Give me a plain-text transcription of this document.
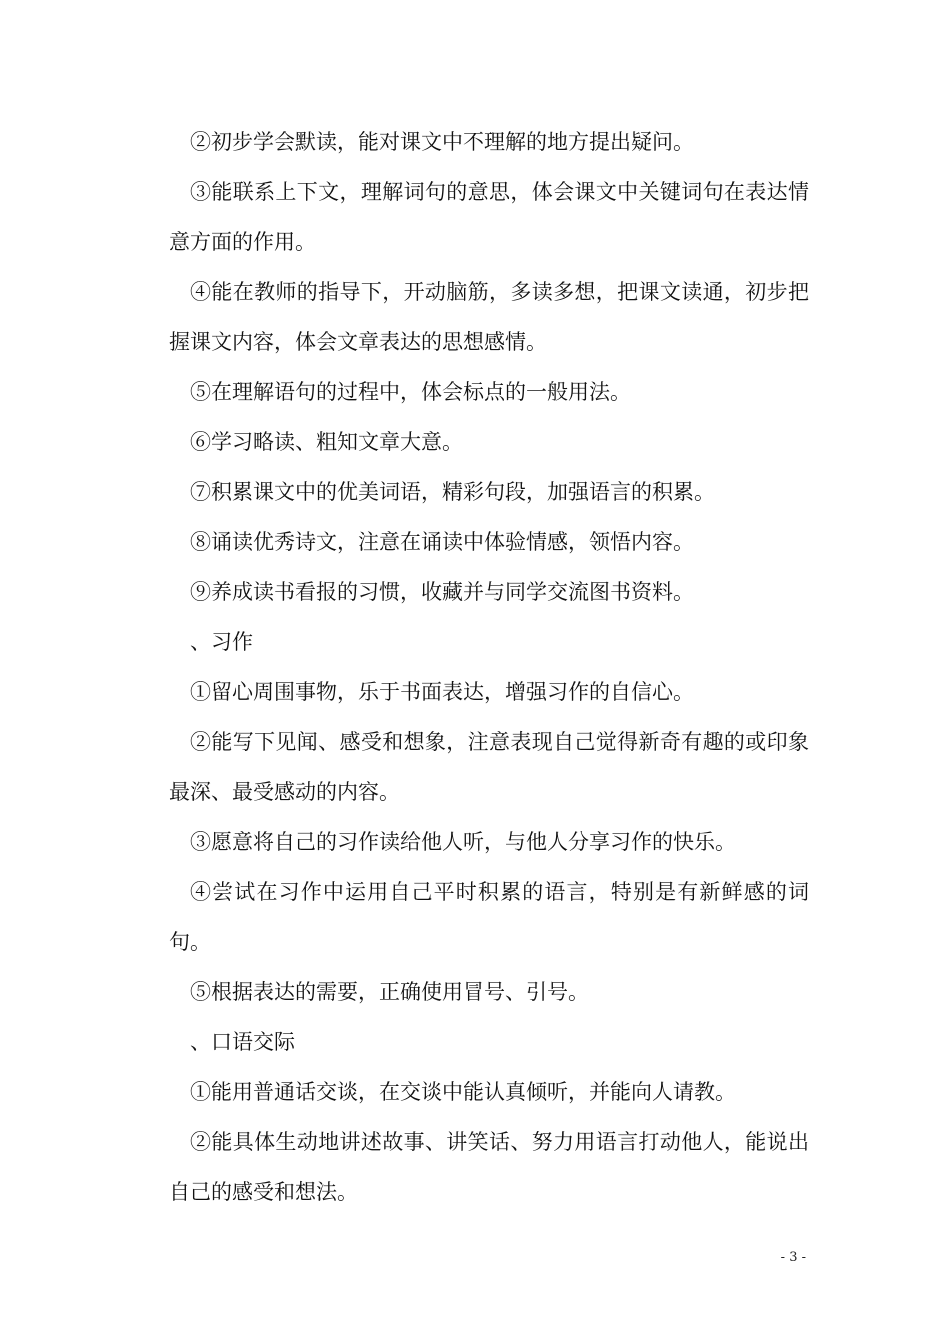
②初步学会默读，能对课文中不理解的地方提出疑问。

③能联系上下文，理解词句的意思，体会课文中关键词句在表达情意方面的作用。

④能在教师的指导下，开动脑筋，多读多想，把课文读通，初步把握课文内容，体会文章表达的思想感情。

⑤在理解语句的过程中，体会标点的一般用法。

⑥学习略读、粗知文章大意。

⑦积累课文中的优美词语，精彩句段，加强语言的积累。

⑧诵读优秀诗文，注意在诵读中体验情感，领悟内容。

⑨养成读书看报的习惯，收藏并与同学交流图书资料。

、习作

①留心周围事物，乐于书面表达，增强习作的自信心。

②能写下见闻、感受和想象，注意表现自己觉得新奇有趣的或印象最深、最受感动的内容。

③愿意将自己的习作读给他人听，与他人分享习作的快乐。

④尝试在习作中运用自己平时积累的语言，特别是有新鲜感的词句。

⑤根据表达的需要，正确使用冒号、引号。

、口语交际

①能用普通话交谈，在交谈中能认真倾听，并能向人请教。

②能具体生动地讲述故事、讲笑话、努力用语言打动他人，能说出自己的感受和想法。

- 3 -
